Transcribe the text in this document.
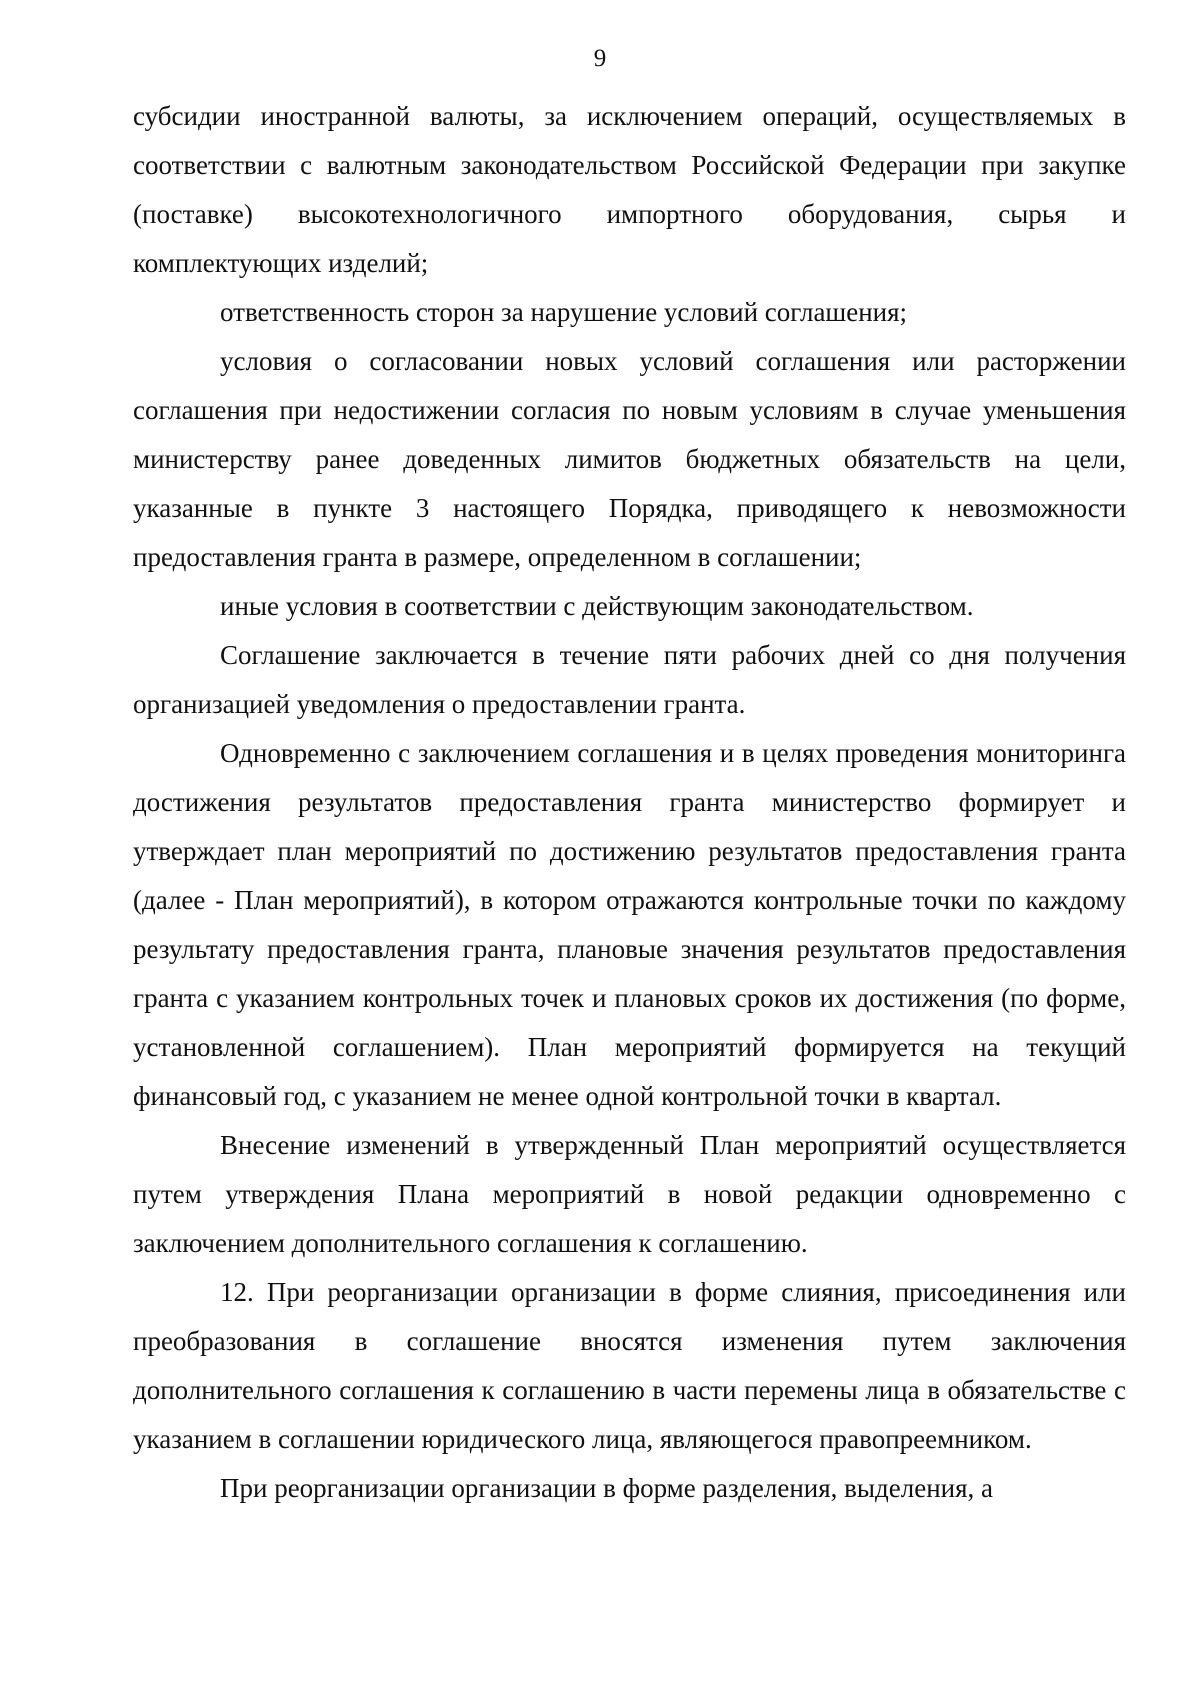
9

субсидии иностранной валюты, за исключением операций, осуществляемых в соответствии с валютным законодательством Российской Федерации при закупке (поставке) высокотехнологичного импортного оборудования, сырья и комплектующих изделий;

ответственность сторон за нарушение условий соглашения;

условия о согласовании новых условий соглашения или расторжении соглашения при недостижении согласия по новым условиям в случае уменьшения министерству ранее доведенных лимитов бюджетных обязательств на цели, указанные в пункте 3 настоящего Порядка, приводящего к невозможности предоставления гранта в размере, определенном в соглашении;

иные условия в соответствии с действующим законодательством.

Соглашение заключается в течение пяти рабочих дней со дня получения организацией уведомления о предоставлении гранта.

Одновременно с заключением соглашения и в целях проведения мониторинга достижения результатов предоставления гранта министерство формирует и утверждает план мероприятий по достижению результатов предоставления гранта (далее - План мероприятий), в котором отражаются контрольные точки по каждому результату предоставления гранта, плановые значения результатов предоставления гранта с указанием контрольных точек и плановых сроков их достижения (по форме, установленной соглашением). План мероприятий формируется на текущий финансовый год, с указанием не менее одной контрольной точки в квартал.

Внесение изменений в утвержденный План мероприятий осуществляется путем утверждения Плана мероприятий в новой редакции одновременно с заключением дополнительного соглашения к соглашению.

12. При реорганизации организации в форме слияния, присоединения или преобразования в соглашение вносятся изменения путем заключения дополнительного соглашения к соглашению в части перемены лица в обязательстве с указанием в соглашении юридического лица, являющегося правопреемником.

При реорганизации организации в форме разделения, выделения, а
